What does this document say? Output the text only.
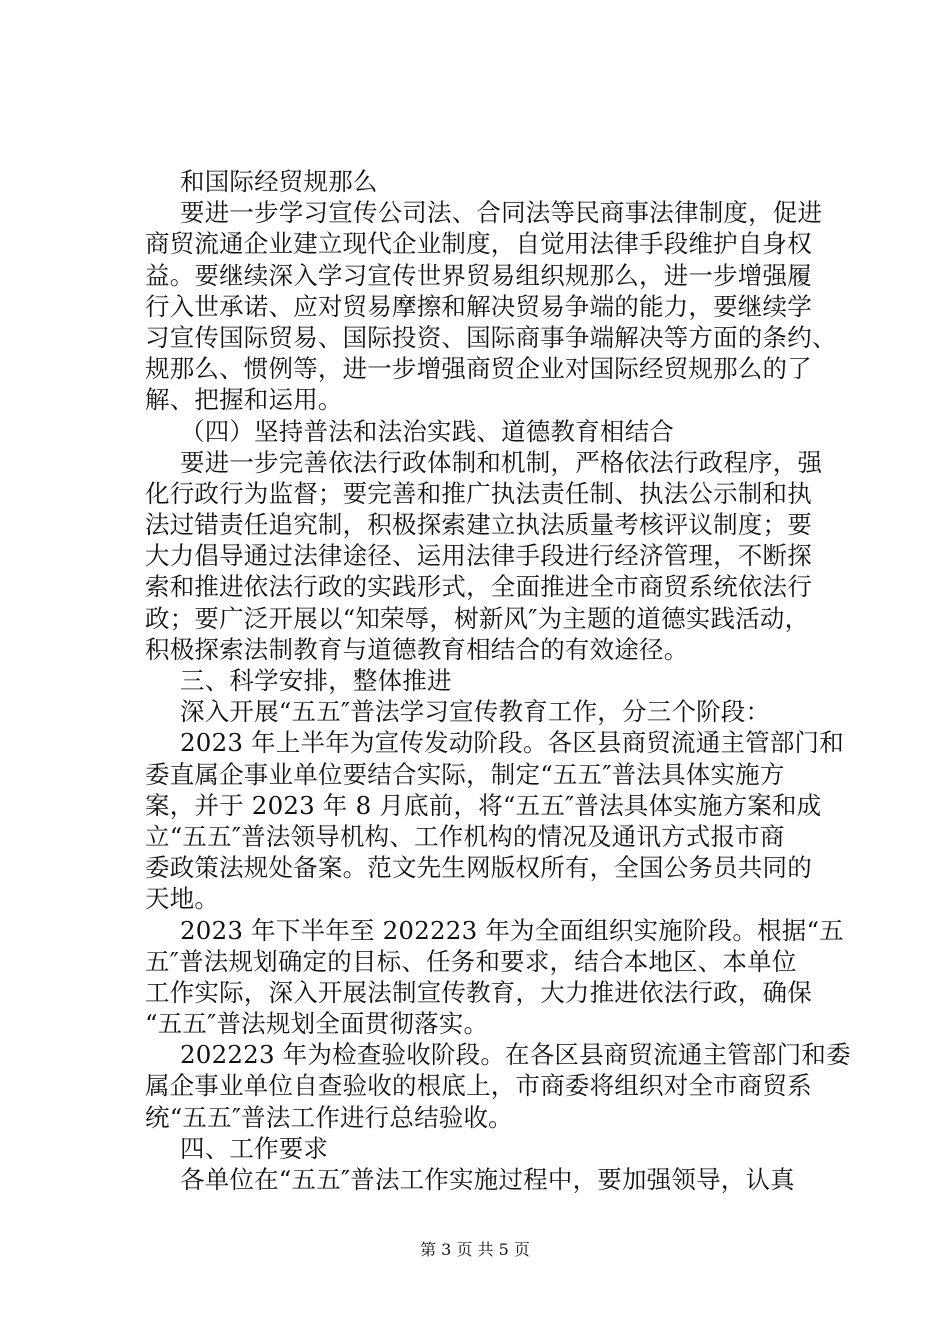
和国际经贸规那么
要进一步学习宣传公司法、合同法等民商事法律制度，促进
商贸流通企业建立现代企业制度，自觉用法律手段维护自身权
益。要继续深入学习宣传世界贸易组织规那么，进一步增强履
行入世承诺、应对贸易摩擦和解决贸易争端的能力，要继续学
习宣传国际贸易、国际投资、国际商事争端解决等方面的条约、
规那么、惯例等，进一步增强商贸企业对国际经贸规那么的了
解、把握和运用。
（四）坚持普法和法治实践、道德教育相结合
要进一步完善依法行政体制和机制，严格依法行政程序，强
化行政行为监督；要完善和推广执法责任制、执法公示制和执
法过错责任追究制，积极探索建立执法质量考核评议制度；要
大力倡导通过法律途径、运用法律手段进行经济管理，不断探
索和推进依法行政的实践形式，全面推进全市商贸系统依法行
政；要广泛开展以“知荣辱，树新风″为主题的道德实践活动，
积极探索法制教育与道德教育相结合的有效途径。
三、科学安排，整体推进
深入开展“五五″普法学习宣传教育工作，分三个阶段：
2023 年上半年为宣传发动阶段。各区县商贸流通主管部门和
委直属企事业单位要结合实际，制定“五五″普法具体实施方
案，并于 2023 年 8 月底前，将“五五″普法具体实施方案和成
立“五五″普法领导机构、工作机构的情况及通讯方式报市商
委政策法规处备案。范文先生网版权所有，全国公务员共同的
天地。
2023 年下半年至 202223 年为全面组织实施阶段。根据“五
五″普法规划确定的目标、任务和要求，结合本地区、本单位
工作实际，深入开展法制宣传教育，大力推进依法行政，确保
“五五″普法规划全面贯彻落实。
202223 年为检查验收阶段。在各区县商贸流通主管部门和委
属企事业单位自查验收的根底上，市商委将组织对全市商贸系
统“五五″普法工作进行总结验收。
四、工作要求
各单位在“五五″普法工作实施过程中，要加强领导，认真
第 3 页 共 5 页
